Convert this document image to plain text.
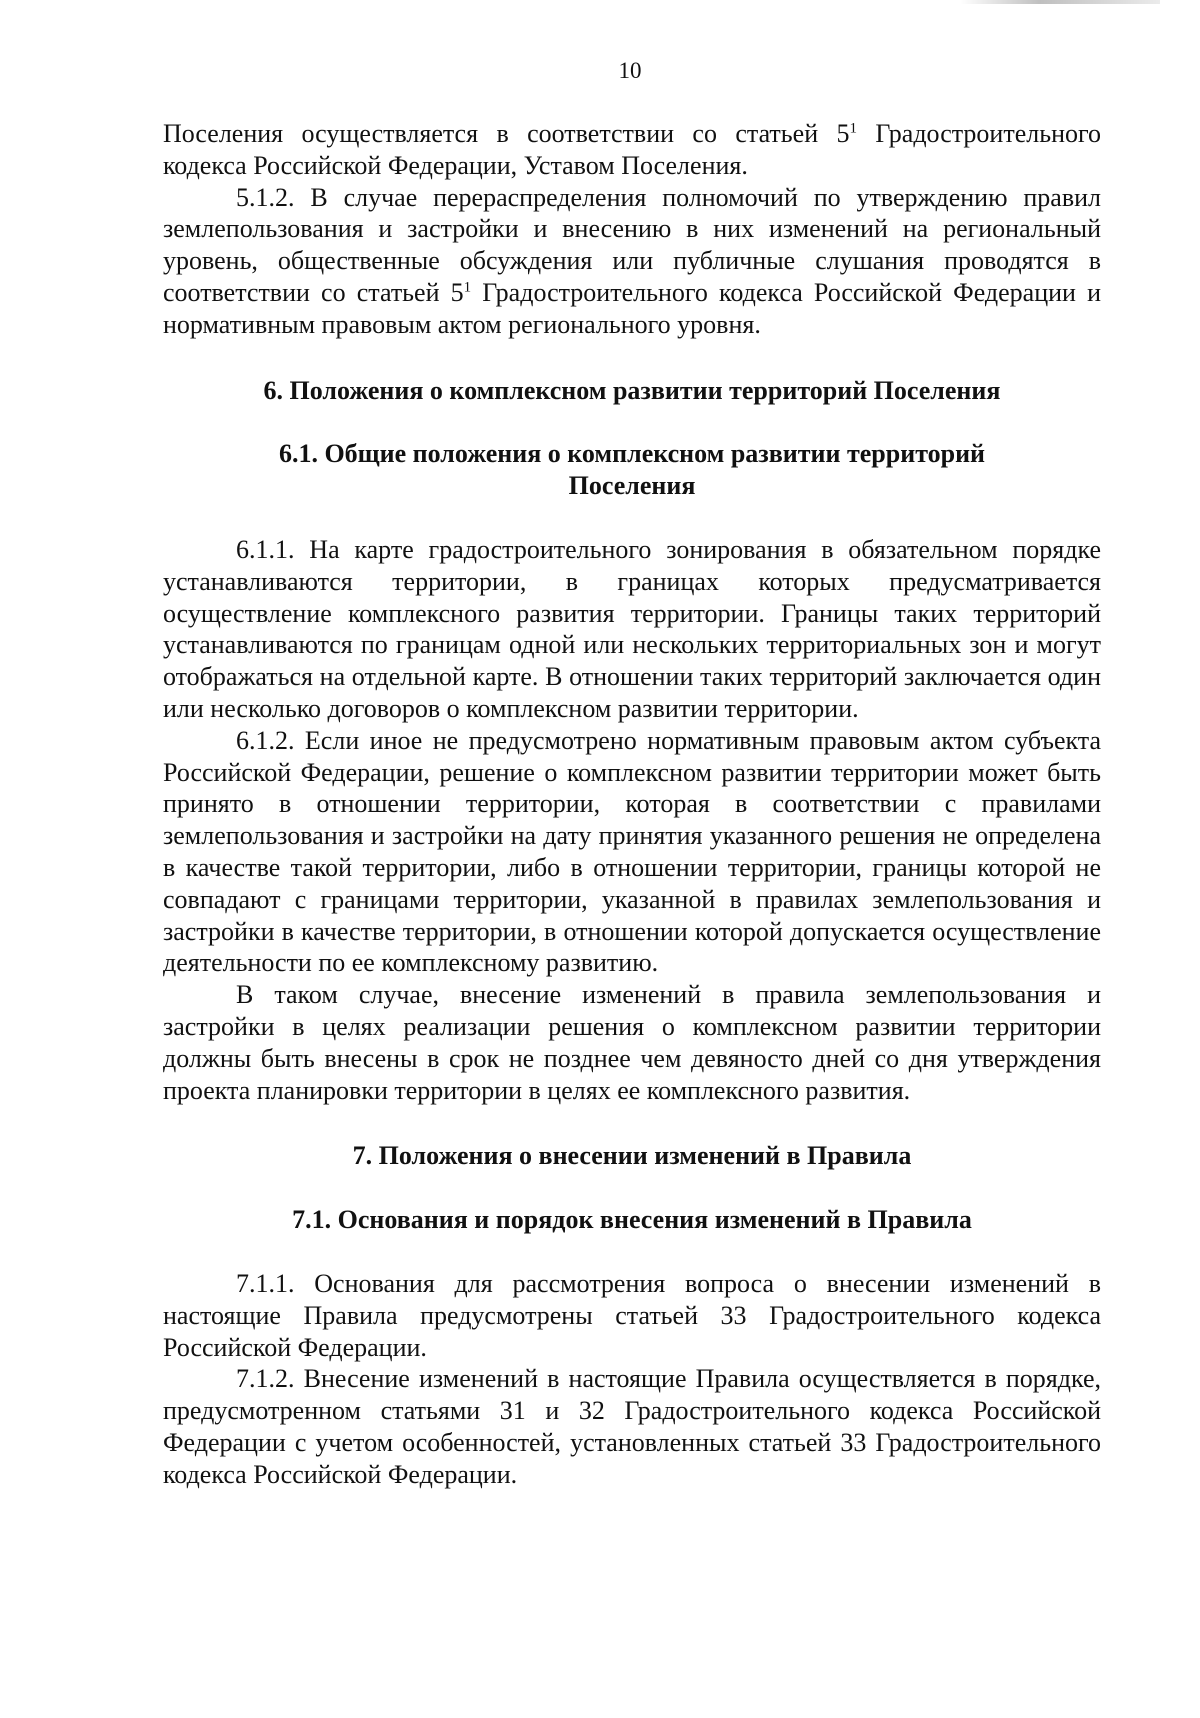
10

Поселения осуществляется в соответствии со статьей $5^1$ Градостроительного кодекса Российской Федерации, Уставом Поселения.

5.1.2. В случае перераспределения полномочий по утверждению правил землепользования и застройки и внесению в них изменений на региональный уровень, общественные обсуждения или публичные слушания проводятся в соответствии со статьей $5^1$ Градостроительного кодекса Российской Федерации и нормативным правовым актом регионального уровня.

6. Положения о комплексном развитии территорий Поселения
6.1. Общие положения о комплексном развитии территорий Поселения

6.1.1. На карте градостроительного зонирования в обязательном порядке устанавливаются территории, в границах которых предусматривается осуществление комплексного развития территории. Границы таких территорий устанавливаются по границам одной или нескольких территориальных зон и могут отображаться на отдельной карте. В отношении таких территорий заключается один или несколько договоров о комплексном развитии территории.

6.1.2. Если иное не предусмотрено нормативным правовым актом субъекта Российской Федерации, решение о комплексном развитии территории может быть принято в отношении территории, которая в соответствии с правилами землепользования и застройки на дату принятия указанного решения не определена в качестве такой территории, либо в отношении территории, границы которой не совпадают с границами территории, указанной в правилах землепользования и застройки в качестве территории, в отношении которой допускается осуществление деятельности по ее комплексному развитию.

В таком случае, внесение изменений в правила землепользования и застройки в целях реализации решения о комплексном развитии территории должны быть внесены в срок не позднее чем девяносто дней со дня утверждения проекта планировки территории в целях ее комплексного развития.

7. Положения о внесении изменений в Правила
7.1. Основания и порядок внесения изменений в Правила

7.1.1. Основания для рассмотрения вопроса о внесении изменений в настоящие Правила предусмотрены статьей 33 Градостроительного кодекса Российской Федерации.

7.1.2. Внесение изменений в настоящие Правила осуществляется в порядке, предусмотренном статьями 31 и 32 Градостроительного кодекса Российской Федерации с учетом особенностей, установленных статьей 33 Градостроительного кодекса Российской Федерации.
